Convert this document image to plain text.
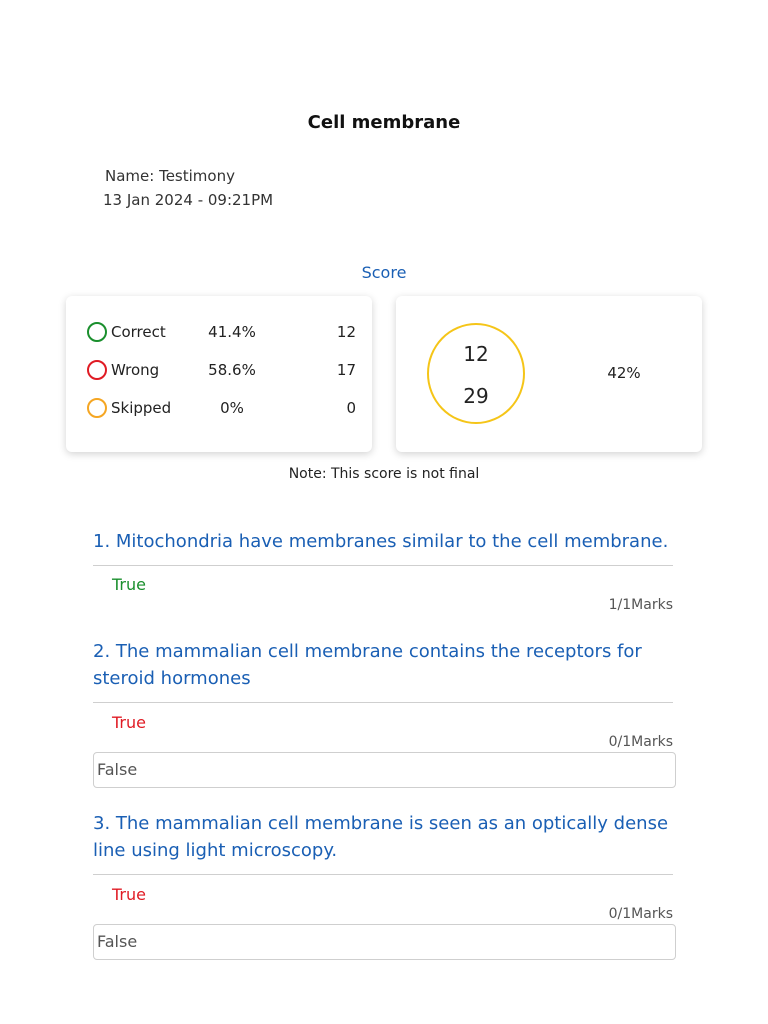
Cell membrane
Name: Testimony
13 Jan 2024 - 09:21PM
Score
Correct	41.4%	12
Wrong	58.6%	17
Skipped	0%	0
12
29
42%
Note: This score is not final
1. Mitochondria have membranes similar to the cell membrane.
True
1/1Marks
2. The mammalian cell membrane contains the receptors for steroid hormones
True
0/1Marks
False
3. The mammalian cell membrane is seen as an optically dense line using light microscopy.
True
0/1Marks
False
